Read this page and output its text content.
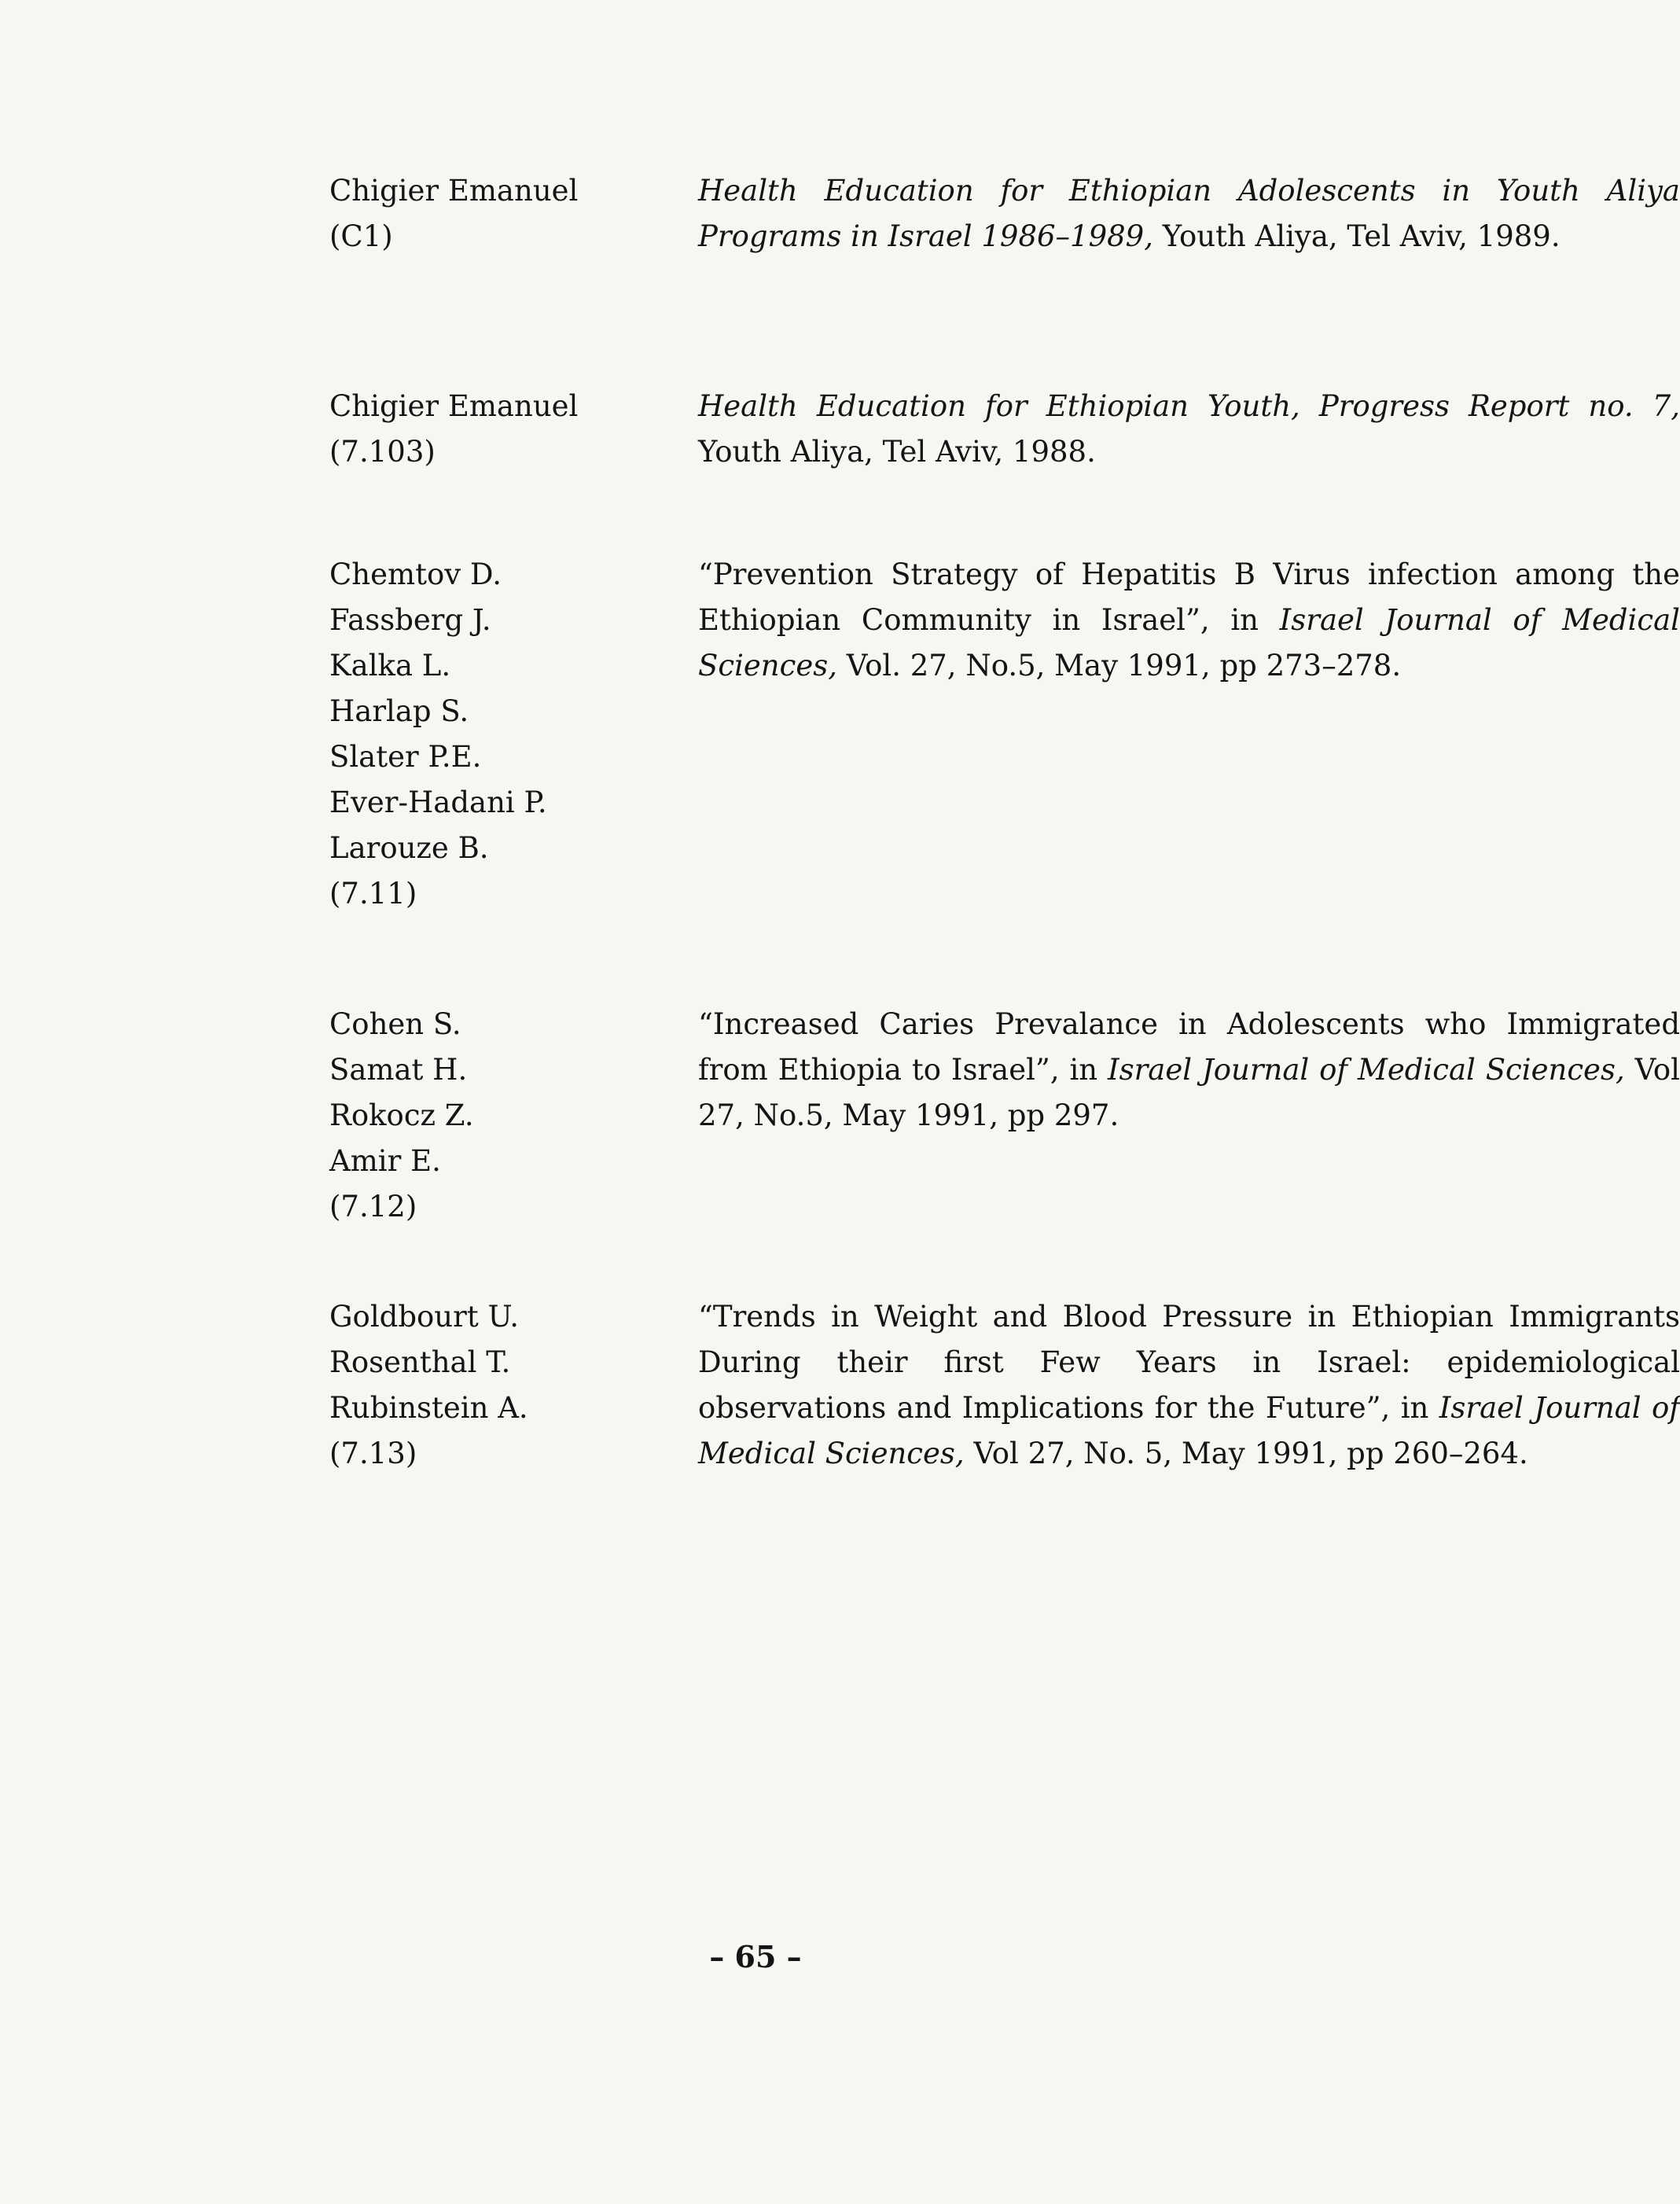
Chigier Emanuel
(C1)
Health Education for Ethiopian Adolescents in Youth Aliya Programs in Israel 1986–1989, Youth Aliya, Tel Aviv, 1989.
Chigier Emanuel
(7.103)
Health Education for Ethiopian Youth, Progress Report no. 7, Youth Aliya, Tel Aviv, 1988.
Chemtov D.
Fassberg J.
Kalka L.
Harlap S.
Slater P.E.
Ever-Hadani P.
Larouze B.
(7.11)
“Prevention Strategy of Hepatitis B Virus infection among the Ethiopian Community in Israel”, in Israel Journal of Medical Sciences, Vol. 27, No.5, May 1991, pp 273–278.
Cohen S.
Samat H.
Rokocz Z.
Amir E.
(7.12)
“Increased Caries Prevalance in Adolescents who Immigrated from Ethiopia to Israel”, in Israel Journal of Medical Sciences, Vol 27, No.5, May 1991, pp 297.
Goldbourt U.
Rosenthal T.
Rubinstein A.
(7.13)
“Trends in Weight and Blood Pressure in Ethiopian Immigrants During their first Few Years in Israel: epidemiological observations and Implications for the Future”, in Israel Journal of Medical Sciences, Vol 27, No. 5, May 1991, pp 260–264.
– 65 –
